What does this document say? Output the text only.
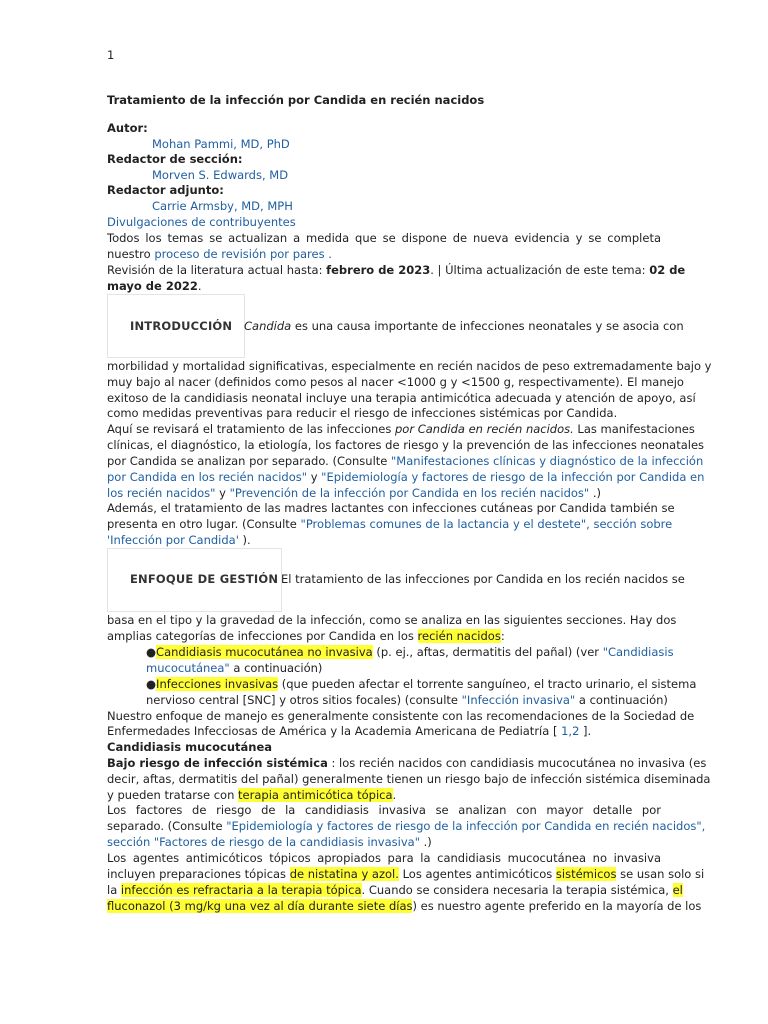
1
Tratamiento de la infección por Candida en recién nacidos
Autor:
Mohan Pammi, MD, PhD
Redactor de sección:
Morven S. Edwards, MD
Redactor adjunto:
Carrie Armsby, MD, MPH
Divulgaciones de contribuyentes
Todos los temas se actualizan a medida que se dispone de nueva evidencia y se completa
nuestro proceso de revisión por pares .
Revisión de la literatura actual hasta: febrero de 2023. | Última actualización de este tema: 02 de
mayo de 2022.
INTRODUCCIÓN Candida es una causa importante de infecciones neonatales y se asocia con
morbilidad y mortalidad significativas, especialmente en recién nacidos de peso extremadamente bajo y
muy bajo al nacer (definidos como pesos al nacer <1000 g y <1500 g, respectivamente). El manejo
exitoso de la candidiasis neonatal incluye una terapia antimicótica adecuada y atención de apoyo, así
como medidas preventivas para reducir el riesgo de infecciones sistémicas por Candida.
Aquí se revisará el tratamiento de las infecciones por Candida en recién nacidos. Las manifestaciones
clínicas, el diagnóstico, la etiología, los factores de riesgo y la prevención de las infecciones neonatales
por Candida se analizan por separado. (Consulte "Manifestaciones clínicas y diagnóstico de la infección
por Candida en los recién nacidos" y "Epidemiología y factores de riesgo de la infección por Candida en
los recién nacidos" y "Prevención de la infección por Candida en los recién nacidos" .)
Además, el tratamiento de las madres lactantes con infecciones cutáneas por Candida también se
presenta en otro lugar. (Consulte "Problemas comunes de la lactancia y el destete", sección sobre
'Infección por Candida' ).
ENFOQUE DE GESTIÓN El tratamiento de las infecciones por Candida en los recién nacidos se
basa en el tipo y la gravedad de la infección, como se analiza en las siguientes secciones. Hay dos
amplias categorías de infecciones por Candida en los recién nacidos:
●Candidiasis mucocutánea no invasiva (p. ej., aftas, dermatitis del pañal) (ver "Candidiasis
mucocutánea" a continuación)
●Infecciones invasivas (que pueden afectar el torrente sanguíneo, el tracto urinario, el sistema
nervioso central [SNC] y otros sitios focales) (consulte "Infección invasiva" a continuación)
Nuestro enfoque de manejo es generalmente consistente con las recomendaciones de la Sociedad de
Enfermedades Infecciosas de América y la Academia Americana de Pediatría [ 1,2 ].
Candidiasis mucocutánea
Bajo riesgo de infección sistémica : los recién nacidos con candidiasis mucocutánea no invasiva (es
decir, aftas, dermatitis del pañal) generalmente tienen un riesgo bajo de infección sistémica diseminada
y pueden tratarse con terapia antimicótica tópica.
Los factores de riesgo de la candidiasis invasiva se analizan con mayor detalle por
separado. (Consulte "Epidemiología y factores de riesgo de la infección por Candida en recién nacidos",
sección "Factores de riesgo de la candidiasis invasiva" .)
Los agentes antimicóticos tópicos apropiados para la candidiasis mucocutánea no invasiva
incluyen preparaciones tópicas de nistatina y azol. Los agentes antimicóticos sistémicos se usan solo si
la infección es refractaria a la terapia tópica. Cuando se considera necesaria la terapia sistémica, el
fluconazol (3 mg/kg una vez al día durante siete días) es nuestro agente preferido en la mayoría de los
